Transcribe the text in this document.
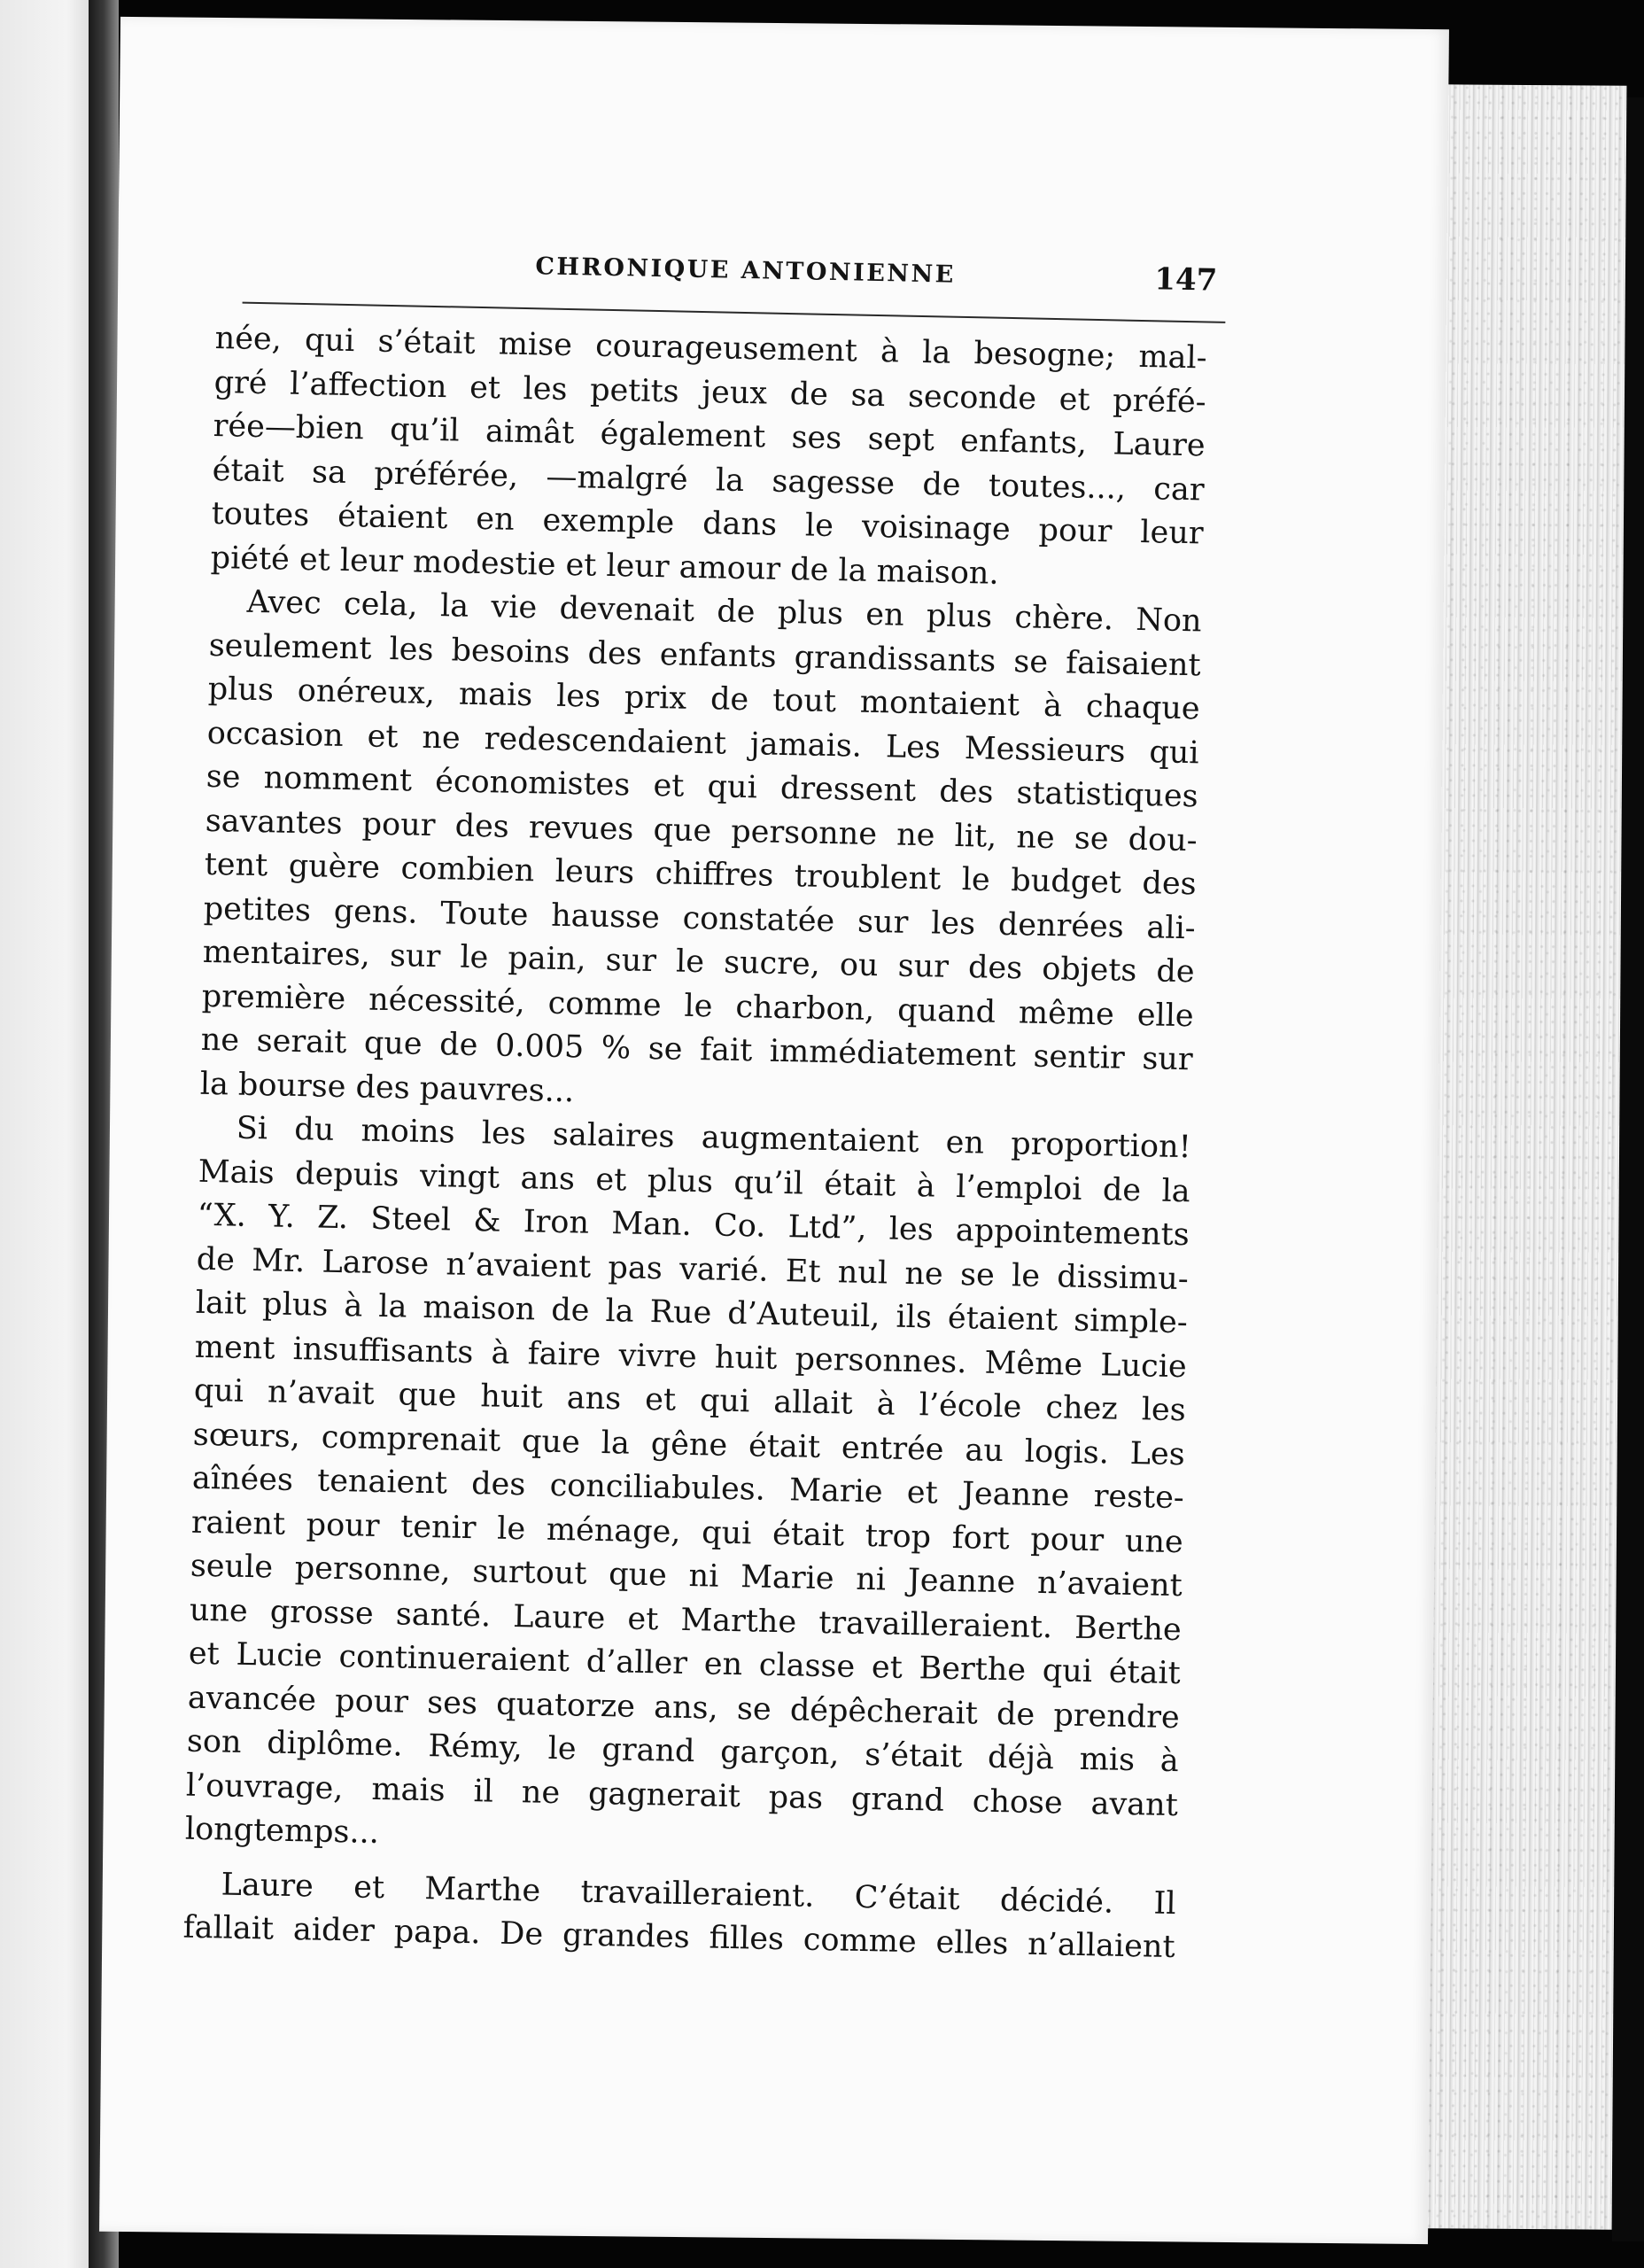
CHRONIQUE ANTONIENNE	147
née, qui s’était mise courageusement à la besogne; mal-
gré l’affection et les petits jeux de sa seconde et préfé-
rée—bien qu’il aimât également ses sept enfants, Laure
était sa préférée, —malgré la sagesse de toutes..., car
toutes étaient en exemple dans le voisinage pour leur
piété et leur modestie et leur amour de la maison.
Avec cela, la vie devenait de plus en plus chère. Non
seulement les besoins des enfants grandissants se faisaient
plus onéreux, mais les prix de tout montaient à chaque
occasion et ne redescendaient jamais. Les Messieurs qui
se nomment économistes et qui dressent des statistiques
savantes pour des revues que personne ne lit, ne se dou-
tent guère combien leurs chiffres troublent le budget des
petites gens. Toute hausse constatée sur les denrées ali-
mentaires, sur le pain, sur le sucre, ou sur des objets de
première nécessité, comme le charbon, quand même elle
ne serait que de 0.005 % se fait immédiatement sentir sur
la bourse des pauvres...
Si du moins les salaires augmentaient en proportion!
Mais depuis vingt ans et plus qu’il était à l’emploi de la
“X. Y. Z. Steel & Iron Man. Co. Ltd”, les appointements
de Mr. Larose n’avaient pas varié. Et nul ne se le dissimu-
lait plus à la maison de la Rue d’Auteuil, ils étaient simple-
ment insuffisants à faire vivre huit personnes. Même Lucie
qui n’avait que huit ans et qui allait à l’école chez les
sœurs, comprenait que la gêne était entrée au logis. Les
aînées tenaient des conciliabules. Marie et Jeanne reste-
raient pour tenir le ménage, qui était trop fort pour une
seule personne, surtout que ni Marie ni Jeanne n’avaient
une grosse santé. Laure et Marthe travailleraient. Berthe
et Lucie continueraient d’aller en classe et Berthe qui était
avancée pour ses quatorze ans, se dépêcherait de prendre
son diplôme. Rémy, le grand garçon, s’était déjà mis à
l’ouvrage, mais il ne gagnerait pas grand chose avant
longtemps...
Laure et Marthe travailleraient. C’était décidé. Il
fallait aider papa. De grandes filles comme elles n’allaient
